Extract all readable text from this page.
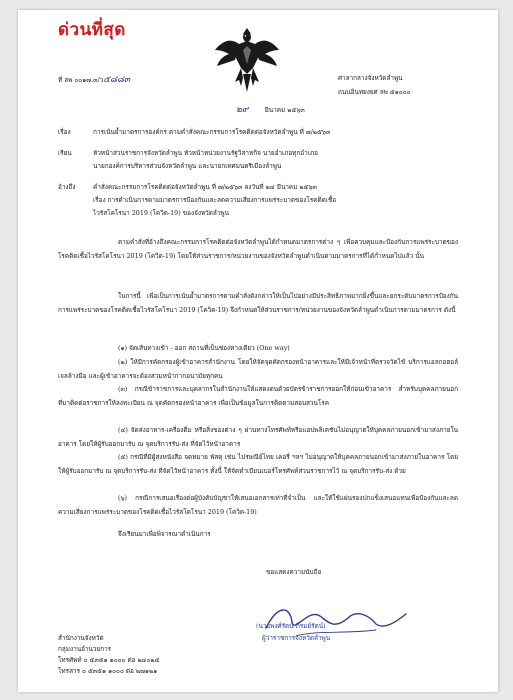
ด่วนที่สุด
ที่ ลพ ๐๐๑๗.๓/ว๕๘๘๓	ศาลากลางจังหวัดลำพูน
ถนนอินทยงยศ ลพ ๕๑๐๐๐
๒๙	มีนาคม ๒๕๖๓
เรื่อง	การเน้นย้ำมาตรการองค์กร ตามคำสั่งคณะกรรมการโรคติดต่อจังหวัดลำพูน ที่ ๗/๒๕๖๓
เรียน	หัวหน้าส่วนราชการจังหวัดลำพูน หัวหน้าหน่วยงานรัฐวิสาหกิจ นายอำเภอทุกอำเภอ
นายกองค์การบริหารส่วนจังหวัดลำพูน และนายกเทศมนตรีเมืองลำพูน
อ้างถึง	คำสั่งคณะกรรมการโรคติดต่อจังหวัดลำพูน ที่ ๗/๒๕๖๓ ลงวันที่ ๒๔ มีนาคม ๒๕๖๓
เรื่อง การดำเนินการตามมาตรการป้องกันและลดความเสี่ยงการแพร่ระบาดของโรคติดเชื้อ
ไวรัสโคโรนา 2019 (โควิด-19) ของจังหวัดลำพูน
ตามคำสั่งที่อ้างถึงคณะกรรมการโรคติดต่อจังหวัดลำพูนได้กำหนดมาตรการต่าง ๆ เพื่อควบคุมและป้องกันการแพร่ระบาดของโรคติดเชื้อไวรัสโคโรนา 2019 (โควิด-19) โดยให้ส่วนราชการ/หน่วยงานของจังหวัดลำพูนดำเนินตามมาตรการที่ได้กำหนดไปแล้ว นั้น
ในการนี้ เพื่อเป็นการเน้นย้ำมาตรการตามคำสั่งดังกล่าวให้เป็นไปอย่างมีประสิทธิภาพมากยิ่งขึ้นและยกระดับมาตรการป้องกันการแพร่ระบาดของโรคติดเชื้อไวรัสโคโรนา 2019 (โควิด-19) จึงกำหนดให้ส่วนราชการ/หน่วยงานของจังหวัดลำพูนดำเนินการตามมาตรการ ดังนี้
(๑) จัดเส้นทางเข้า - ออก สถานที่เป็นช่องทางเดียว (One way)
(๒) ให้มีการคัดกรองผู้เข้าอาคารสำนักงาน โดยให้จัดจุดคัดกรองหน้าอาคารและให้มีเจ้าหน้าที่ตรวจวัดไข้ บริการแอลกอฮอล์เจลล้างมือ และผู้เข้าอาคารจะต้องสวมหน้ากากอนามัยทุกคน
(๓) กรณีข้าราชการและบุคลากรในสำนักงานให้แสดงตนด้วยบัตรข้าราชการออกให้ก่อนเข้าอาคาร สำหรับบุคคลภายนอกที่มาติดต่อราชการให้ลงทะเบียน ณ จุดคัดกรองหน้าอาคาร เพื่อเป็นข้อมูลในการติดตามสอบสวนโรค
(๔) จัดส่งอาหาร-เครื่องดื่ม หรือสิ่งของต่าง ๆ ผ่านทางโทรศัพท์หรือแอปพลิเคชันไม่อนุญาตให้บุคคลภายนอกเข้ามาส่งภายในอาคาร โดยให้ผู้รับออกมารับ ณ จุดบริการรับ-ส่ง ที่จัดไว้หน้าอาคาร
(๕) กรณีที่มีผู้ส่งหนังสือ จดหมาย พัสดุ เช่น ไปรษณีย์ไทย เคอรี่ ฯลฯ ไม่อนุญาตให้บุคคลภายนอกเข้ามาส่งภายในอาคาร โดยให้ผู้รับออกมารับ ณ จุดบริการรับ-ส่ง ที่จัดไว้หน้าอาคาร ทั้งนี้ ให้จัดทำเบียนเบอร์โทรศัพท์ส่วนราชการไว้ ณ จุดบริการรับ-ส่ง ด้วย
(๖) กรณีการเสนอเรื่องต่อผู้บังคับบัญชาให้เสนอเอกสารเท่าที่จำเป็น และให้ใช้แผ่นรองปกแข็งเสนอแทนเพื่อป้องกันและลดความเสี่ยงการแพร่ระบาดของโรคติดเชื้อไวรัสโคโรนา 2019 (โควิด-19)
จึงเรียนมาเพื่อพิจารณาดำเนินการ
ขอแสดงความนับถือ
(นายพงศ์รัตน์ ภิรมย์รัตน์)
ผู้ว่าราชการจังหวัดลำพูน
สำนักงานจังหวัด
กลุ่มงานอำนวยการ
โทรศัพท์ ๐ ๕๓๕๑ ๑๐๐๐ ต่อ ๒๔๐๒๕
โทรสาร ๐ ๕๓๕๑ ๑๐๐๐ ต่อ ๒๗๑๒๑
